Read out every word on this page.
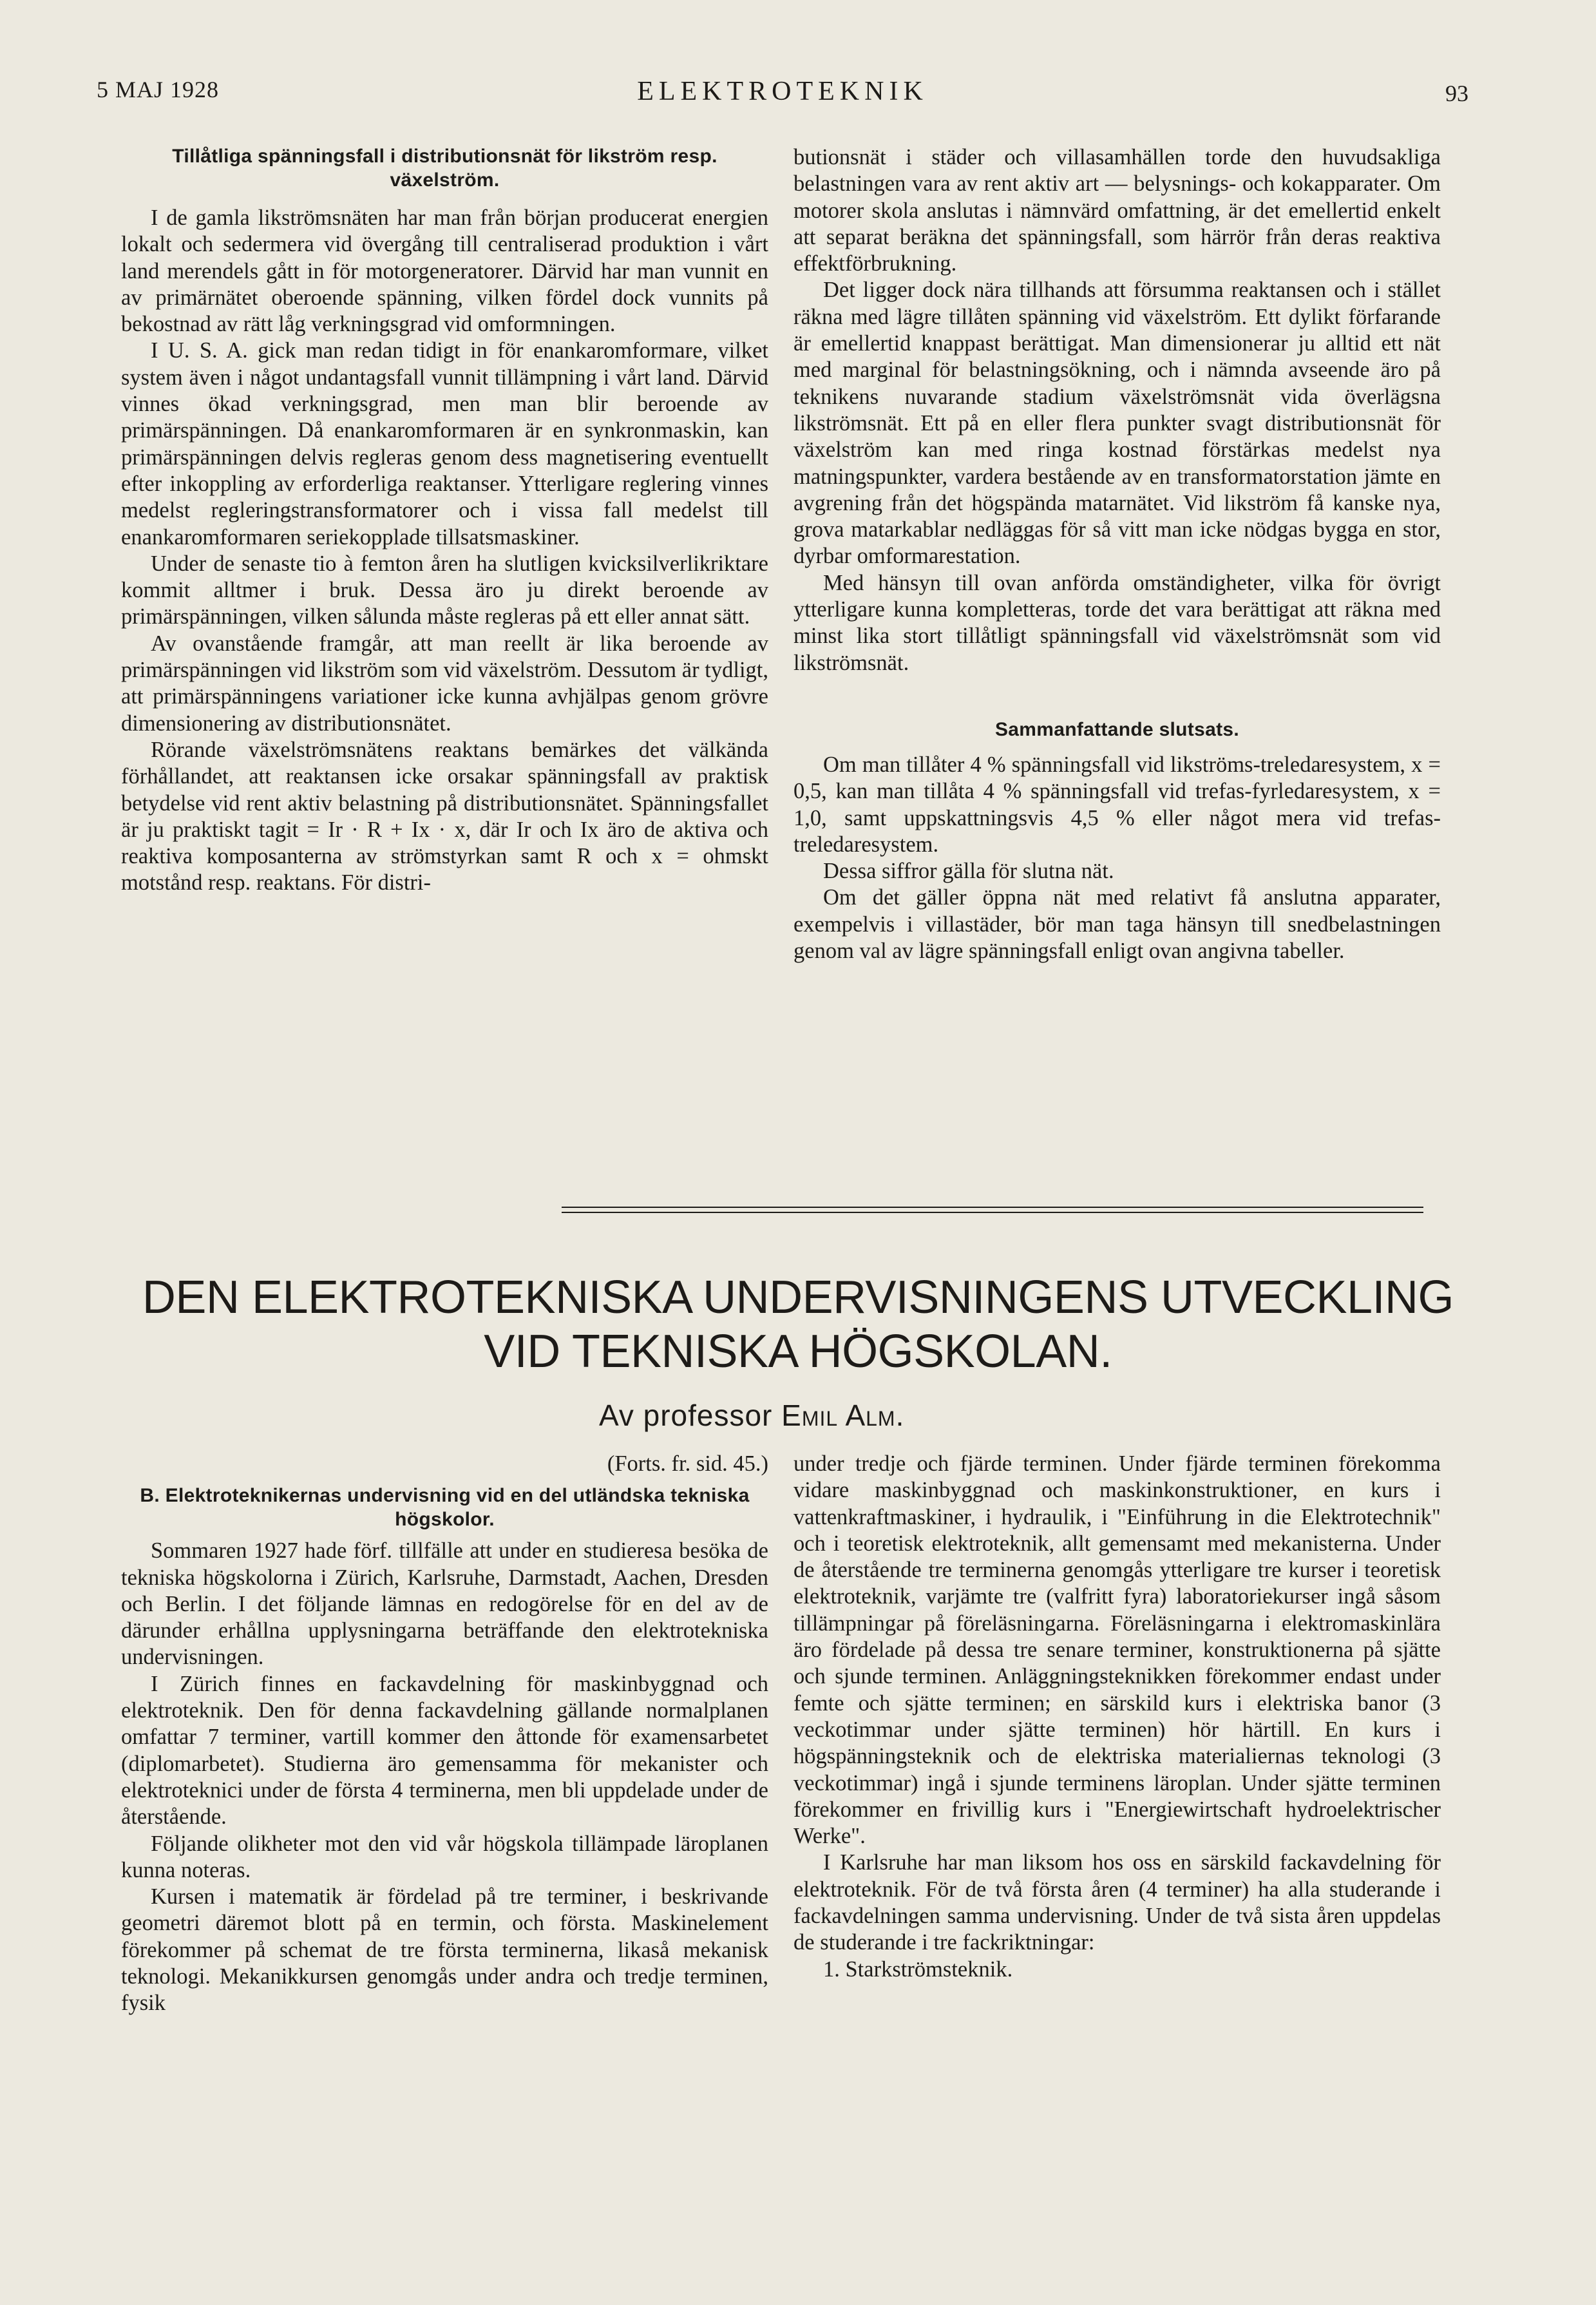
5 MAJ 1928	ELEKTROTEKNIK	93
Tillåtliga spänningsfall i distributionsnät för likström resp. växelström.

I de gamla likströmsnäten har man från början producerat energien lokalt och sedermera vid övergång till centraliserad produktion i vårt land merendels gått in för motorgeneratorer. Därvid har man vunnit en av primärnätet oberoende spänning, vilken fördel dock vunnits på bekostnad av rätt låg verkningsgrad vid omformningen.

I U. S. A. gick man redan tidigt in för enankaromformare, vilket system även i något undantagsfall vunnit tillämpning i vårt land. Därvid vinnes ökad verkningsgrad, men man blir beroende av primärspänningen. Då enankaromformaren är en synkronmaskin, kan primärspänningen delvis regleras genom dess magnetisering eventuellt efter inkoppling av erforderliga reaktanser. Ytterligare reglering vinnes medelst regleringstransformatorer och i vissa fall medelst till enankaromformaren seriekopplade tillsatsmaskiner.

Under de senaste tio à femton åren ha slutligen kvicksilverlikriktare kommit alltmer i bruk. Dessa äro ju direkt beroende av primärspänningen, vilken sålunda måste regleras på ett eller annat sätt.

Av ovanstående framgår, att man reellt är lika beroende av primärspänningen vid likström som vid växelström. Dessutom är tydligt, att primärspänningens variationer icke kunna avhjälpas genom grövre dimensionering av distributionsnätet.

Rörande växelströmsnätens reaktans bemärkes det välkända förhållandet, att reaktansen icke orsakar spänningsfall av praktisk betydelse vid rent aktiv belastning på distributionsnätet. Spänningsfallet är ju praktiskt tagit = Ir · R + Ix · x, där Ir och Ix äro de aktiva och reaktiva komposanterna av strömstyrkan samt R och x = ohmskt motstånd resp. reaktans. För distri-

butionsnät i städer och villasamhällen torde den huvudsakliga belastningen vara av rent aktiv art — belysnings- och kokapparater. Om motorer skola anslutas i nämnvärd omfattning, är det emellertid enkelt att separat beräkna det spänningsfall, som härrör från deras reaktiva effektförbrukning.

Det ligger dock nära tillhands att försumma reaktansen och i stället räkna med lägre tillåten spänning vid växelström. Ett dylikt förfarande är emellertid knappast berättigat. Man dimensionerar ju alltid ett nät med marginal för belastningsökning, och i nämnda avseende äro på teknikens nuvarande stadium växelströmsnät vida överlägsna likströmsnät. Ett på en eller flera punkter svagt distributionsnät för växelström kan med ringa kostnad förstärkas medelst nya matningspunkter, vardera bestående av en transformatorstation jämte en avgrening från det högspända matarnätet. Vid likström få kanske nya, grova matarkablar nedläggas för så vitt man icke nödgas bygga en stor, dyrbar omformarestation.

Med hänsyn till ovan anförda omständigheter, vilka för övrigt ytterligare kunna kompletteras, torde det vara berättigat att räkna med minst lika stort tillåtligt spänningsfall vid växelströmsnät som vid likströmsnät.

Sammanfattande slutsats.

Om man tillåter 4 % spänningsfall vid likströms-treledaresystem, x = 0,5, kan man tillåta 4 % spänningsfall vid trefas-fyrledaresystem, x = 1,0, samt uppskattningsvis 4,5 % eller något mera vid trefas-treledaresystem.

Dessa siffror gälla för slutna nät.

Om det gäller öppna nät med relativt få anslutna apparater, exempelvis i villastäder, bör man taga hänsyn till snedbelastningen genom val av lägre spänningsfall enligt ovan angivna tabeller.

DEN ELEKTROTEKNISKA UNDERVISNINGENS UTVECKLING
VID TEKNISKA HÖGSKOLAN.
Av professor Emil Alm.

(Forts. fr. sid. 45.)

B. Elektroteknikernas undervisning vid en del utländska tekniska högskolor.

Sommaren 1927 hade förf. tillfälle att under en studieresa besöka de tekniska högskolorna i Zürich, Karlsruhe, Darmstadt, Aachen, Dresden och Berlin. I det följande lämnas en redogörelse för en del av de därunder erhållna upplysningarna beträffande den elektrotekniska undervisningen.

I Zürich finnes en fackavdelning för maskinbyggnad och elektroteknik. Den för denna fackavdelning gällande normalplanen omfattar 7 terminer, vartill kommer den åttonde för examensarbetet (diplomarbetet). Studierna äro gemensamma för mekanister och elektroteknici under de första 4 terminerna, men bli uppdelade under de återstående.

Följande olikheter mot den vid vår högskola tillämpade läroplanen kunna noteras.

Kursen i matematik är fördelad på tre terminer, i beskrivande geometri däremot blott på en termin, och första. Maskinelement förekommer på schemat de tre första terminerna, likaså mekanisk teknologi. Mekanikkursen genomgås under andra och tredje terminen, fysik

under tredje och fjärde terminen. Under fjärde terminen förekomma vidare maskinbyggnad och maskinkonstruktioner, en kurs i vattenkraftmaskiner, i hydraulik, i "Einführung in die Elektrotechnik" och i teoretisk elektroteknik, allt gemensamt med mekanisterna. Under de återstående tre terminerna genomgås ytterligare tre kurser i teoretisk elektroteknik, varjämte tre (valfritt fyra) laboratoriekurser ingå såsom tillämpningar på föreläsningarna. Föreläsningarna i elektromaskinlära äro fördelade på dessa tre senare terminer, konstruktionerna på sjätte och sjunde terminen. Anläggningsteknikken förekommer endast under femte och sjätte terminen; en särskild kurs i elektriska banor (3 veckotimmar under sjätte terminen) hör härtill. En kurs i högspänningsteknik och de elektriska materialiernas teknologi (3 veckotimmar) ingå i sjunde terminens läroplan. Under sjätte terminen förekommer en frivillig kurs i "Energiewirtschaft hydroelektrischer Werke".

I Karlsruhe har man liksom hos oss en särskild fackavdelning för elektroteknik. För de två första åren (4 terminer) ha alla studerande i fackavdelningen samma undervisning. Under de två sista åren uppdelas de studerande i tre fackriktningar:

1. Starkströmsteknik.
